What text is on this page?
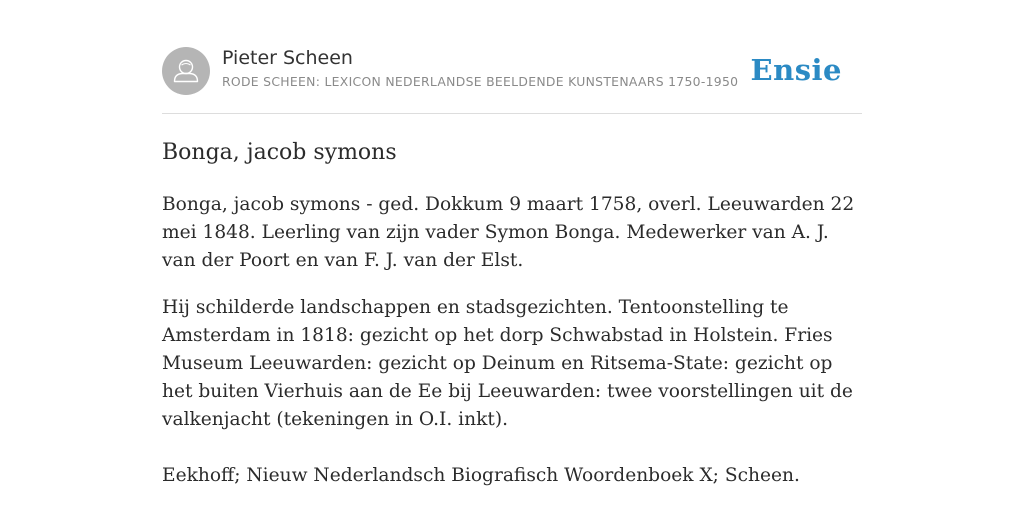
Pieter Scheen
RODE SCHEEN: LEXICON NEDERLANDSE BEELDENDE KUNSTENAARS 1750-1950 Ensie
Bonga, jacob symons

Bonga, jacob symons - ged. Dokkum 9 maart 1758, overl. Leeuwarden 22 mei 1848. Leerling van zijn vader Symon Bonga. Medewerker van A. J. van der Poort en van F. J. van der Elst.

Hij schilderde landschappen en stadsgezichten. Tentoonstelling te Amsterdam in 1818: gezicht op het dorp Schwabstad in Holstein. Fries Museum Leeuwarden: gezicht op Deinum en Ritsema-State: gezicht op het buiten Vierhuis aan de Ee bij Leeuwarden: twee voorstellingen uit de valkenjacht (tekeningen in O.I. inkt).

Eekhoff; Nieuw Nederlandsch Biografisch Woordenboek X; Scheen.
